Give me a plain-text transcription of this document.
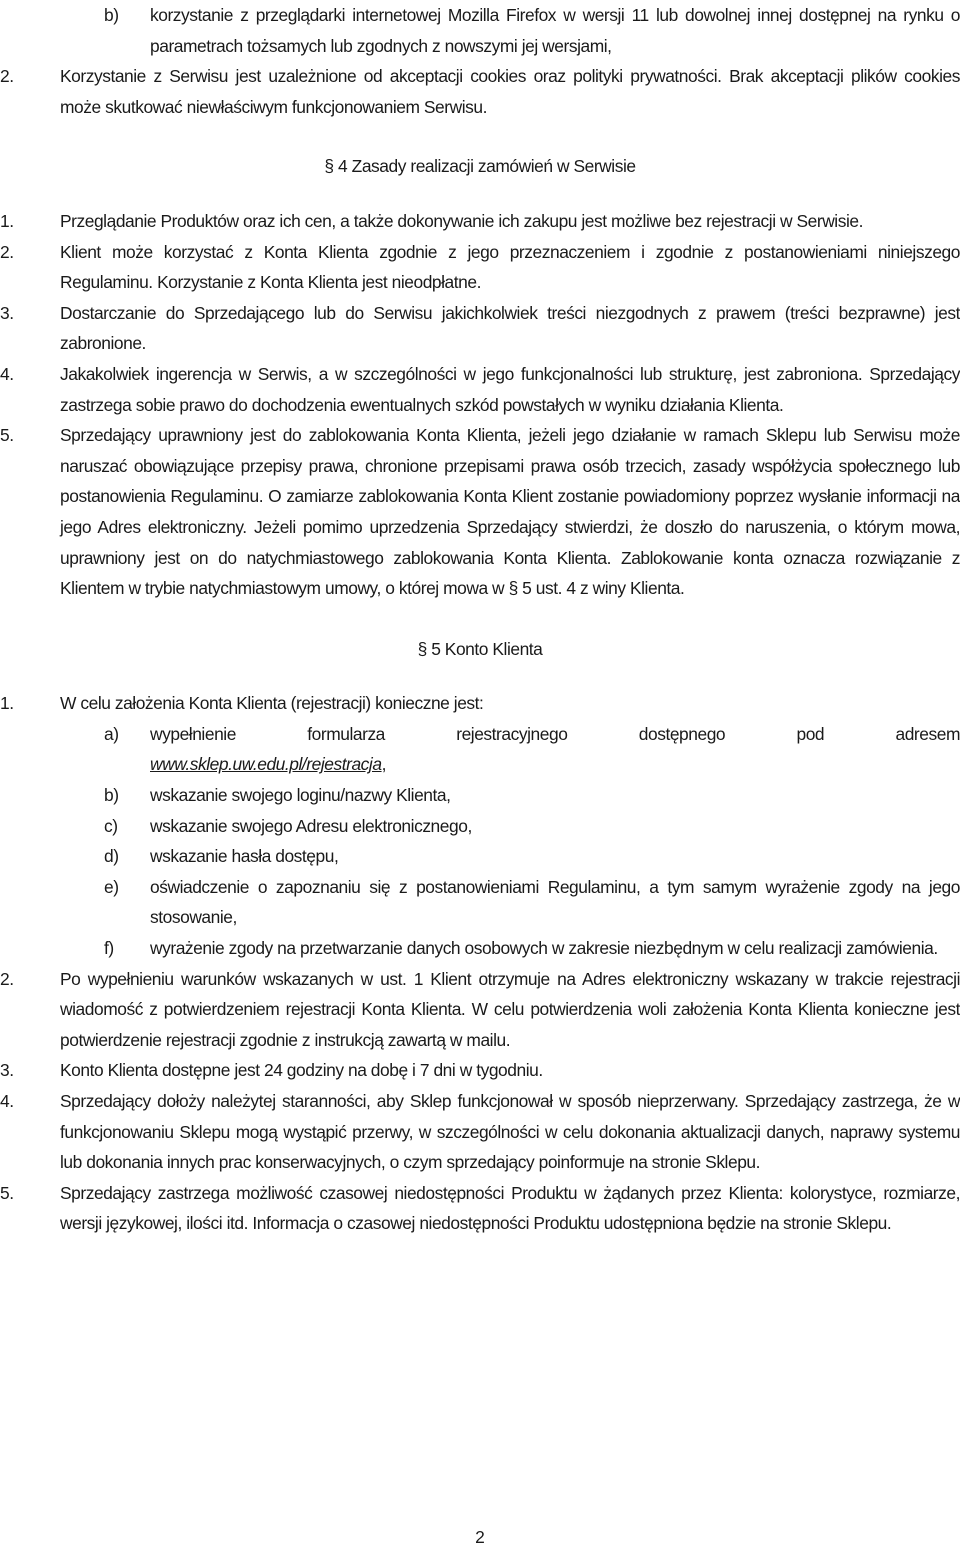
b) korzystanie z przeglądarki internetowej Mozilla Firefox w wersji 11 lub dowolnej innej dostępnej na rynku o parametrach tożsamych lub zgodnych z nowszymi jej wersjami,
2.	Korzystanie z Serwisu jest uzależnione od akceptacji cookies oraz polityki prywatności. Brak akceptacji plików cookies może skutkować niewłaściwym funkcjonowaniem Serwisu.
§ 4 Zasady realizacji zamówień w Serwisie
1.	Przeglądanie Produktów oraz ich cen, a także dokonywanie ich zakupu jest możliwe bez rejestracji w Serwisie.
2.	Klient może korzystać z Konta Klienta zgodnie z jego przeznaczeniem i zgodnie z postanowieniami niniejszego Regulaminu. Korzystanie z Konta Klienta jest nieodpłatne.
3.	Dostarczanie do Sprzedającego lub do Serwisu jakichkolwiek treści niezgodnych z prawem (treści bezprawne) jest zabronione.
4.	Jakakolwiek ingerencja w Serwis, a w szczególności w jego funkcjonalności lub strukturę, jest zabroniona. Sprzedający zastrzega sobie prawo do dochodzenia ewentualnych szkód powstałych w wyniku działania Klienta.
5.	Sprzedający uprawniony jest do zablokowania Konta Klienta, jeżeli jego działanie w ramach Sklepu lub Serwisu może naruszać obowiązujące przepisy prawa, chronione przepisami prawa osób trzecich, zasady współżycia społecznego lub postanowienia Regulaminu. O zamiarze zablokowania Konta Klient zostanie powiadomiony poprzez wysłanie informacji na jego Adres elektroniczny. Jeżeli pomimo uprzedzenia Sprzedający stwierdzi, że doszło do naruszenia, o którym mowa, uprawniony jest on do natychmiastowego zablokowania Konta Klienta. Zablokowanie konta oznacza rozwiązanie z Klientem w trybie natychmiastowym umowy, o której mowa w § 5 ust. 4 z winy Klienta.
§ 5 Konto Klienta
1.	W celu założenia Konta Klienta (rejestracji) konieczne jest:
a) wypełnienie formularza rejestracyjnego dostępnego pod adresem
www.sklep.uw.edu.pl/rejestracja,
b) wskazanie swojego loginu/nazwy Klienta,
c) wskazanie swojego Adresu elektronicznego,
d) wskazanie hasła dostępu,
e) oświadczenie o zapoznaniu się z postanowieniami Regulaminu, a tym samym wyrażenie zgody na jego stosowanie,
f) wyrażenie zgody na przetwarzanie danych osobowych w zakresie niezbędnym w celu realizacji zamówienia.
2.	Po wypełnieniu warunków wskazanych w ust. 1 Klient otrzymuje na Adres elektroniczny wskazany w trakcie rejestracji wiadomość z potwierdzeniem rejestracji Konta Klienta. W celu potwierdzenia woli założenia Konta Klienta konieczne jest potwierdzenie rejestracji zgodnie z instrukcją zawartą w mailu.
3.	Konto Klienta dostępne jest 24 godziny na dobę i 7 dni w tygodniu.
4.	Sprzedający dołoży należytej staranności, aby Sklep funkcjonował w sposób nieprzerwany. Sprzedający zastrzega, że w funkcjonowaniu Sklepu mogą wystąpić przerwy, w szczególności w celu dokonania aktualizacji danych, naprawy systemu lub dokonania innych prac konserwacyjnych, o czym sprzedający poinformuje na stronie Sklepu.
5.	Sprzedający zastrzega możliwość czasowej niedostępności Produktu w żądanych przez Klienta: kolorystyce, rozmiarze, wersji językowej, ilości itd. Informacja o czasowej niedostępności Produktu udostępniona będzie na stronie Sklepu.
2
